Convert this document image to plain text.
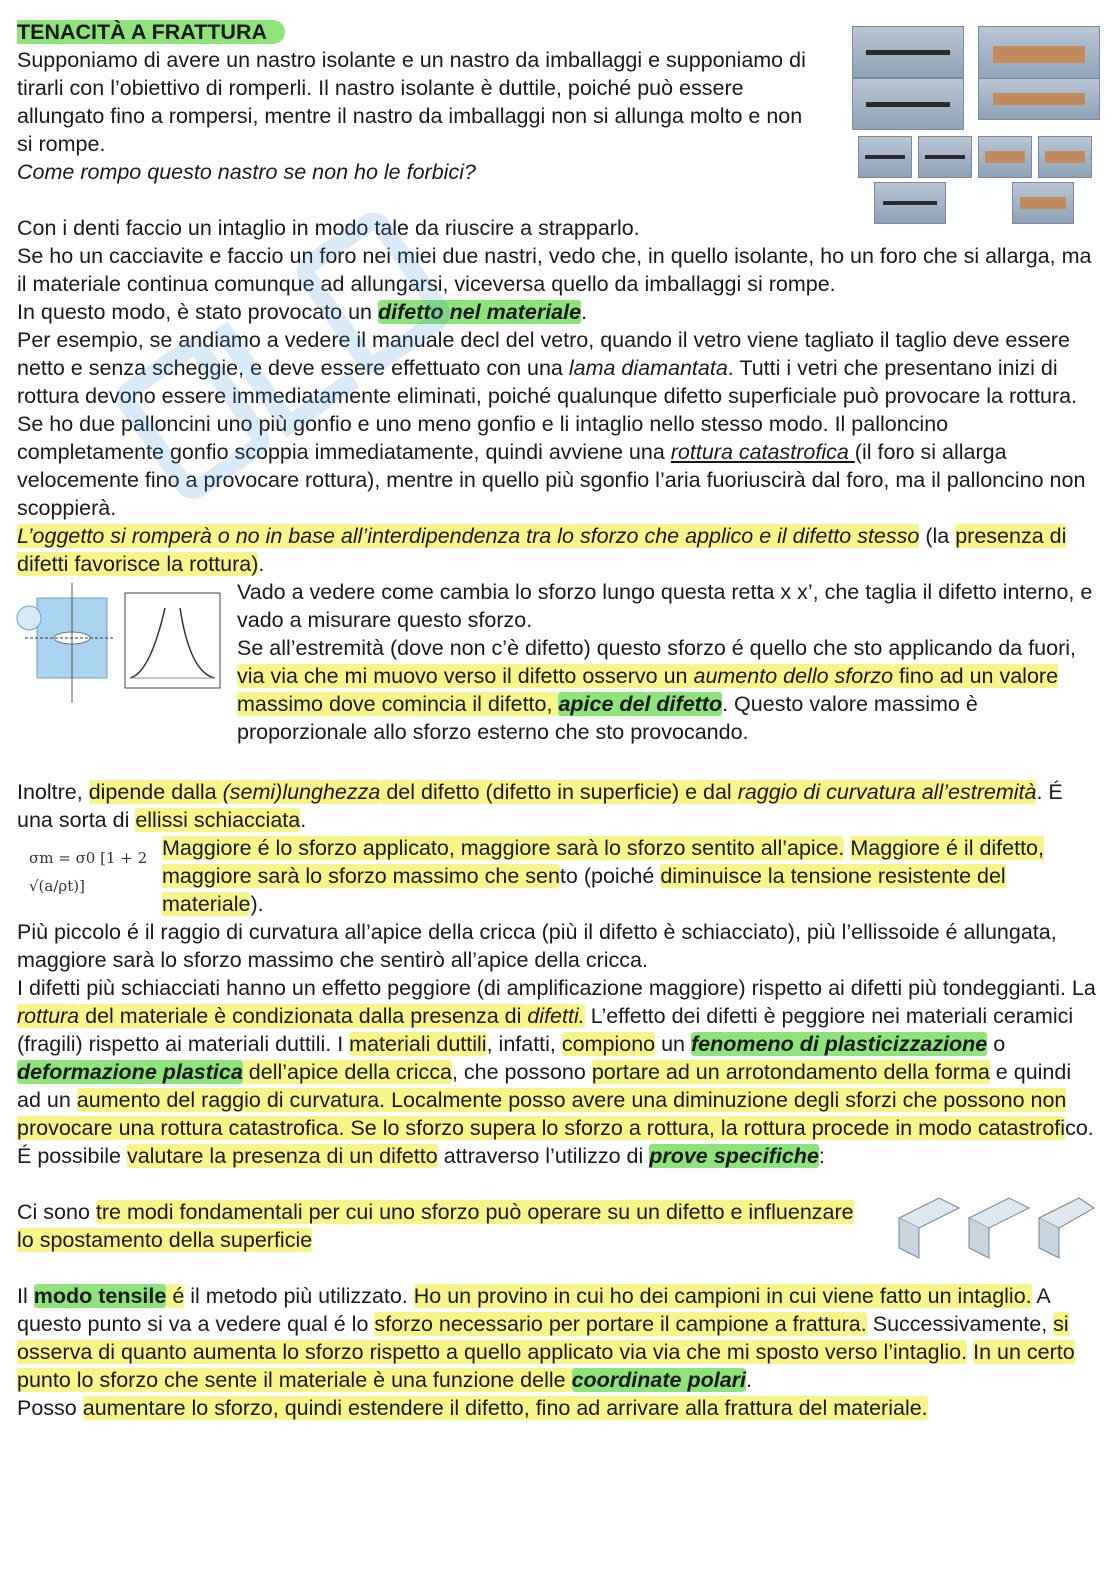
TENACITÀ A FRATTURA

Supponiamo di avere un nastro isolante e un nastro da imballaggi e supponiamo di tirarli con l’obiettivo di romperli. Il nastro isolante è duttile, poiché può essere allungato fino a rompersi, mentre il nastro da imballaggi non si allunga molto e non si rompe.

Come rompo questo nastro se non ho le forbici?

Con i denti faccio un intaglio in modo tale da riuscire a strapparlo.

Se ho un cacciavite e faccio un foro nei miei due nastri, vedo che, in quello isolante, ho un foro che si allarga, ma il materiale continua comunque ad allungarsi, viceversa quello da imballaggi si rompe.

In questo modo, è stato provocato un difetto nel materiale.

Per esempio, se andiamo a vedere il manuale decl del vetro, quando il vetro viene tagliato il taglio deve essere netto e senza scheggie, e deve essere effettuato con una lama diamantata. Tutti i vetri che presentano inizi di rottura devono essere immediatamente eliminati, poiché qualunque difetto superficiale può provocare la rottura.

Se ho due palloncini uno più gonfio e uno meno gonfio e li intaglio nello stesso modo. Il palloncino completamente gonfio scoppia immediatamente, quindi avviene una rottura catastrofica (il foro si allarga velocemente fino a provocare rottura), mentre in quello più sgonfio l’aria fuoriuscirà dal foro, ma il palloncino non scoppierà.

L’oggetto si romperà o no in base all’interdipendenza tra lo sforzo che applico e il difetto stesso (la presenza di difetti favorisce la rottura).

Vado a vedere come cambia lo sforzo lungo questa retta x x’, che taglia il difetto interno, e vado a misurare questo sforzo.

Se all’estremità (dove non c’è difetto) questo sforzo é quello che sto applicando da fuori, via via che mi muovo verso il difetto osservo un aumento dello sforzo fino ad un valore massimo dove comincia il difetto, apice del difetto. Questo valore massimo è proporzionale allo sforzo esterno che sto provocando.

Inoltre, dipende dalla (semi)lunghezza del difetto (difetto in superficie) e dal raggio di curvatura all’estremità. É una sorta di ellissi schiacciata.

σm = σ0 [1 + 2 √(a/ρt)]

Maggiore é lo sforzo applicato, maggiore sarà lo sforzo sentito all’apice. Maggiore é il difetto, maggiore sarà lo sforzo massimo che sento (poiché diminuisce la tensione resistente del materiale).

Più piccolo é il raggio di curvatura all’apice della cricca (più il difetto è schiacciato), più l’ellissoide é allungata, maggiore sarà lo sforzo massimo che sentirò all’apice della cricca.

I difetti più schiacciati hanno un effetto peggiore (di amplificazione maggiore) rispetto ai difetti più tondeggianti. La rottura del materiale è condizionata dalla presenza di difetti. L’effetto dei difetti è peggiore nei materiali ceramici (fragili) rispetto ai materiali duttili. I materiali duttili, infatti, compiono un fenomeno di plasticizzazione o deformazione plastica dell’apice della cricca, che possono portare ad un arrotondamento della forma e quindi ad un aumento del raggio di curvatura. Localmente posso avere una diminuzione degli sforzi che possono non provocare una rottura catastrofica. Se lo sforzo supera lo sforzo a rottura, la rottura procede in modo catastrofico.

É possibile valutare la presenza di un difetto attraverso l’utilizzo di prove specifiche:

Ci sono tre modi fondamentali per cui uno sforzo può operare su un difetto e influenzare lo spostamento della superficie

Il modo tensile é il metodo più utilizzato. Ho un provino in cui ho dei campioni in cui viene fatto un intaglio. A questo punto si va a vedere qual é lo sforzo necessario per portare il campione a frattura. Successivamente, si osserva di quanto aumenta lo sforzo rispetto a quello applicato via via che mi sposto verso l’intaglio. In un certo punto lo sforzo che sente il materiale è una funzione delle coordinate polari.

Posso aumentare lo sforzo, quindi estendere il difetto, fino ad arrivare alla frattura del materiale.
